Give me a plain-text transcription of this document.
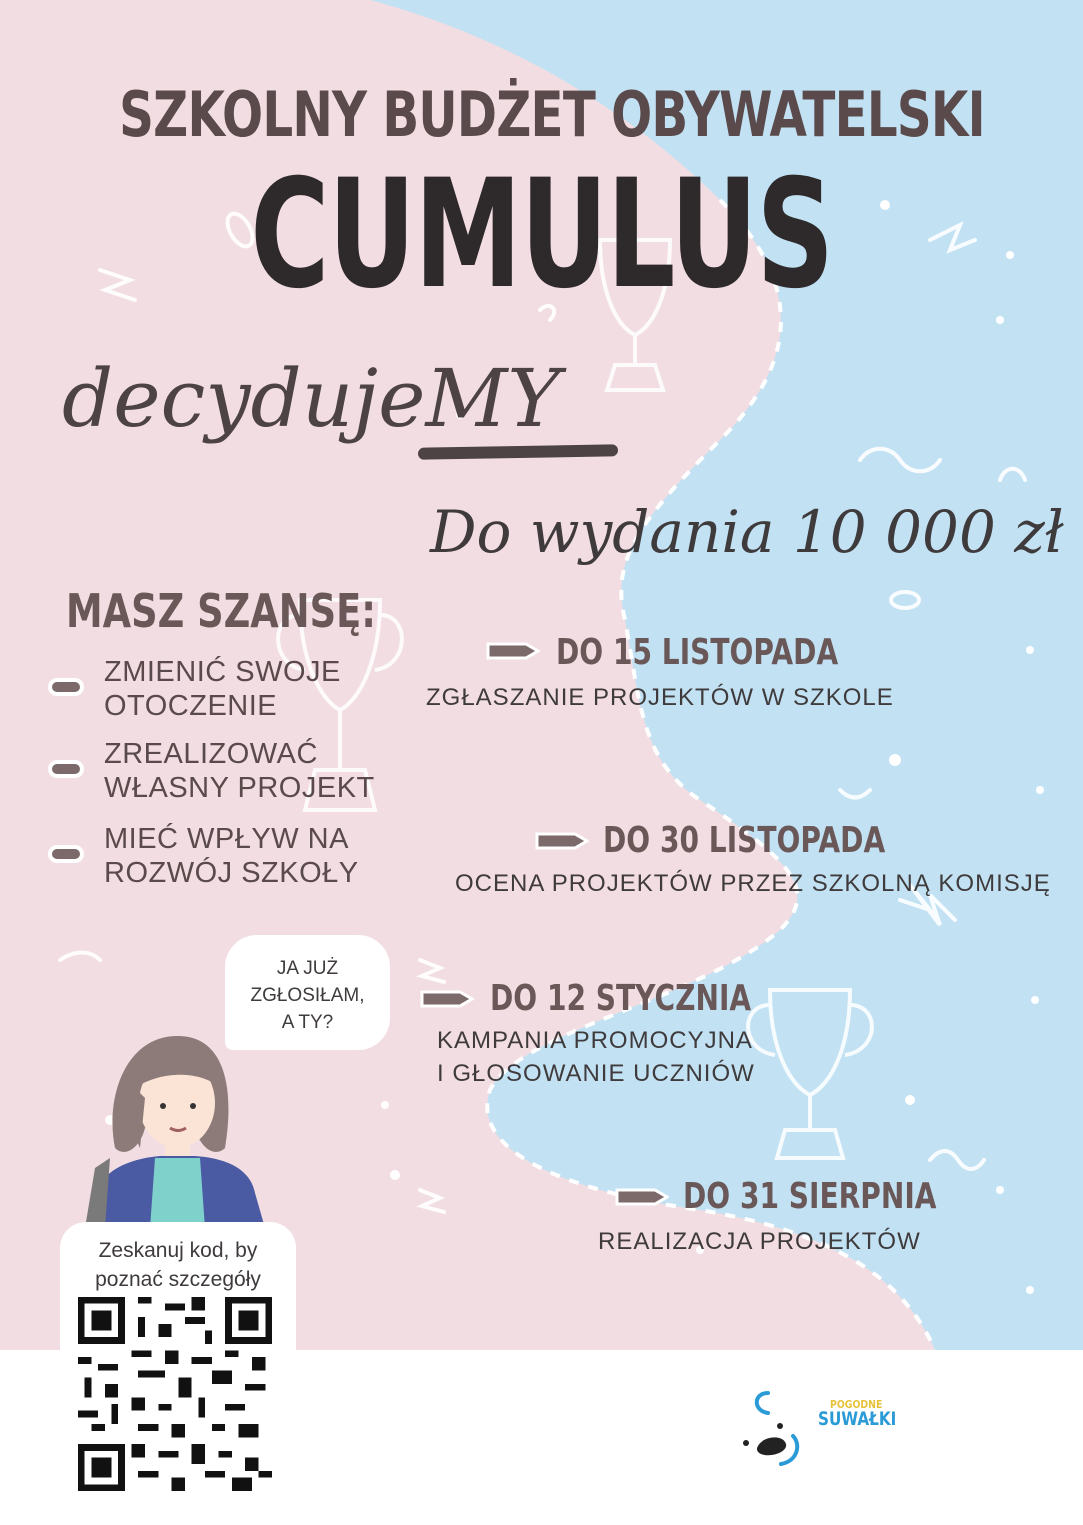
SZKOLNY BUDŻET OBYWATELSKI
CUMULUS
decydujeMY
Do wydania 10 000 zł
MASZ SZANSĘ:
ZMIENIĆ SWOJE
OTOCZENIE
ZREALIZOWAĆ
WŁASNY PROJEKT
MIEĆ WPŁYW NA
ROZWÓJ SZKOŁY
DO 15 LISTOPADA
ZGŁASZANIE PROJEKTÓW W SZKOLE
DO 30 LISTOPADA
OCENA PROJEKTÓW PRZEZ SZKOLNĄ KOMISJĘ
DO 12 STYCZNIA
KAMPANIA PROMOCYJNA
I GŁOSOWANIE UCZNIÓW
DO 31 SIERPNIA
REALIZACJA PROJEKTÓW
JA JUŻ
ZGŁOSIŁAM,
A TY?
Zeskanuj kod, by
poznać szczegóły
POGODNE
SUWAŁKI
